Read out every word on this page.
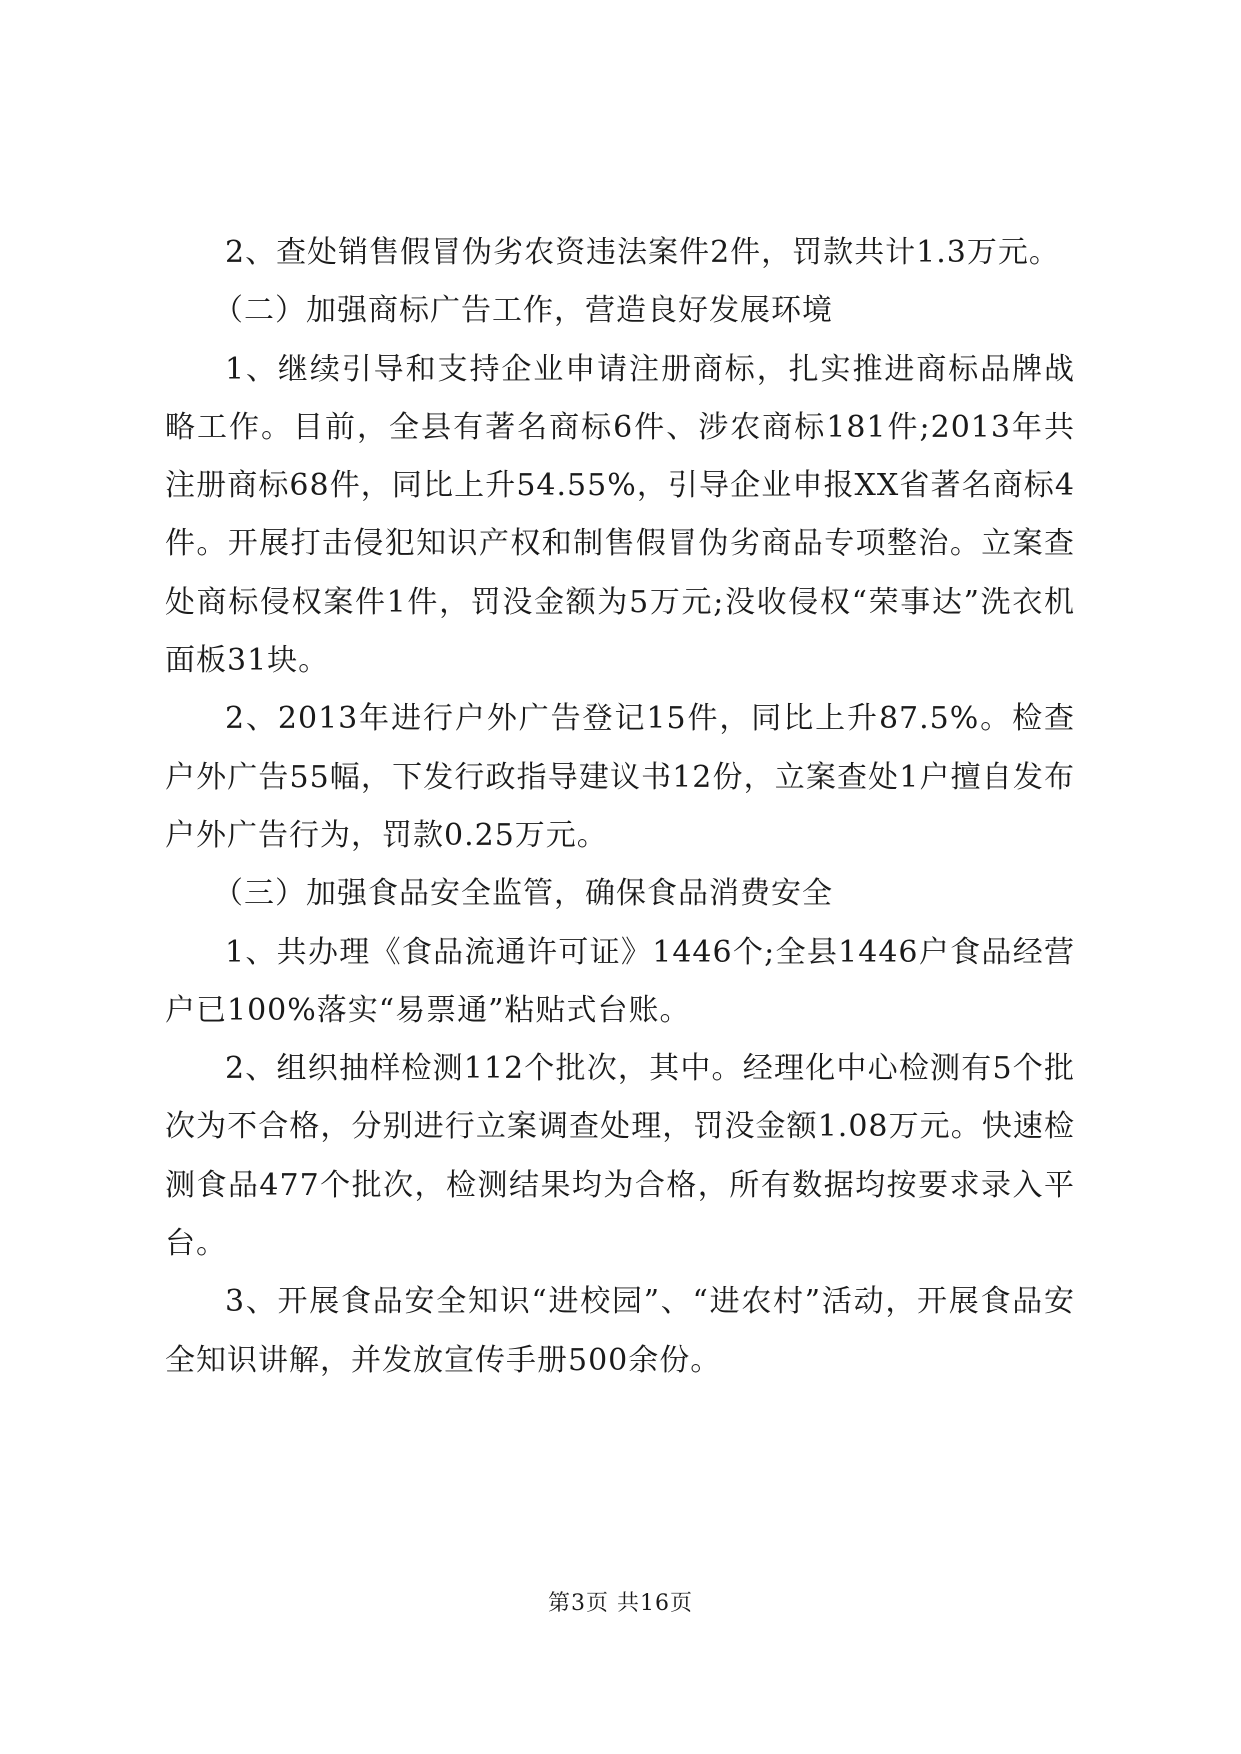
2、查处销售假冒伪劣农资违法案件2件，罚款共计1.3万元。

（二）加强商标广告工作，营造良好发展环境

1、继续引导和支持企业申请注册商标，扎实推进商标品牌战略工作。目前，全县有著名商标6件、涉农商标181件;2013年共注册商标68件，同比上升54.55%，引导企业申报XX省著名商标4件。开展打击侵犯知识产权和制售假冒伪劣商品专项整治。立案查处商标侵权案件1件，罚没金额为5万元;没收侵权“荣事达”洗衣机面板31块。

2、2013年进行户外广告登记15件，同比上升87.5%。检查户外广告55幅，下发行政指导建议书12份，立案查处1户擅自发布户外广告行为，罚款0.25万元。

（三）加强食品安全监管，确保食品消费安全

1、共办理《食品流通许可证》1446个;全县1446户食品经营户已100%落实“易票通”粘贴式台账。

2、组织抽样检测112个批次，其中。经理化中心检测有5个批次为不合格，分别进行立案调查处理，罚没金额1.08万元。快速检测食品477个批次，检测结果均为合格，所有数据均按要求录入平台。

3、开展食品安全知识“进校园”、“进农村”活动，开展食品安全知识讲解，并发放宣传手册500余份。

第3页 共16页
